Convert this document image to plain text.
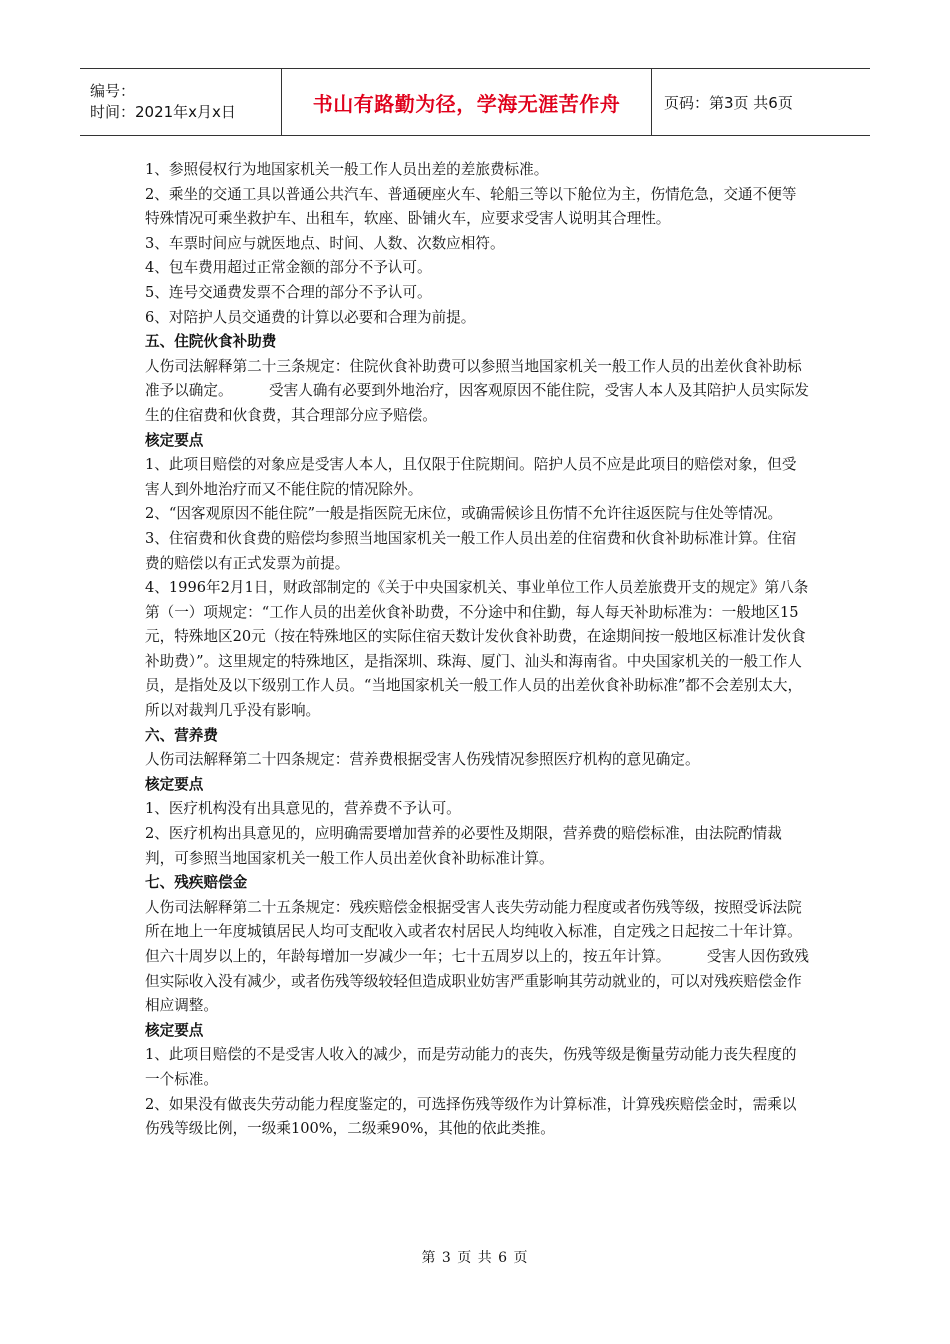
编号：
时间：2021年x月x日	书山有路勤为径，学海无涯苦作舟	页码：第3页 共6页

1、参照侵权行为地国家机关一般工作人员出差的差旅费标准。

2、乘坐的交通工具以普通公共汽车、普通硬座火车、轮船三等以下舱位为主，伤情危急，交通不便等特殊情况可乘坐救护车、出租车，软座、卧铺火车，应要求受害人说明其合理性。

3、车票时间应与就医地点、时间、人数、次数应相符。

4、包车费用超过正常金额的部分不予认可。

5、连号交通费发票不合理的部分不予认可。

6、对陪护人员交通费的计算以必要和合理为前提。

五、住院伙食补助费

人伤司法解释第二十三条规定：住院伙食补助费可以参照当地国家机关一般工作人员的出差伙食补助标准予以确定。　　　受害人确有必要到外地治疗，因客观原因不能住院，受害人本人及其陪护人员实际发生的住宿费和伙食费，其合理部分应予赔偿。

核定要点

1、此项目赔偿的对象应是受害人本人，且仅限于住院期间。陪护人员不应是此项目的赔偿对象，但受害人到外地治疗而又不能住院的情况除外。

2、“因客观原因不能住院”一般是指医院无床位，或确需候诊且伤情不允许往返医院与住处等情况。

3、住宿费和伙食费的赔偿均参照当地国家机关一般工作人员出差的住宿费和伙食补助标准计算。住宿费的赔偿以有正式发票为前提。

4、1996年2月1日，财政部制定的《关于中央国家机关、事业单位工作人员差旅费开支的规定》第八条第（一）项规定：“工作人员的出差伙食补助费，不分途中和住勤，每人每天补助标准为：一般地区15元，特殊地区20元（按在特殊地区的实际住宿天数计发伙食补助费，在途期间按一般地区标准计发伙食补助费）”。这里规定的特殊地区，是指深圳、珠海、厦门、汕头和海南省。中央国家机关的一般工作人员，是指处及以下级别工作人员。“当地国家机关一般工作人员的出差伙食补助标准”都不会差别太大，所以对裁判几乎没有影响。

六、营养费

人伤司法解释第二十四条规定：营养费根据受害人伤残情况参照医疗机构的意见确定。

核定要点

1、医疗机构没有出具意见的，营养费不予认可。

2、医疗机构出具意见的，应明确需要增加营养的必要性及期限，营养费的赔偿标准，由法院酌情裁判，可参照当地国家机关一般工作人员出差伙食补助标准计算。

七、残疾赔偿金

人伤司法解释第二十五条规定：残疾赔偿金根据受害人丧失劳动能力程度或者伤残等级，按照受诉法院所在地上一年度城镇居民人均可支配收入或者农村居民人均纯收入标准，自定残之日起按二十年计算。但六十周岁以上的，年龄每增加一岁减少一年；七十五周岁以上的，按五年计算。　　　受害人因伤致残但实际收入没有减少，或者伤残等级较轻但造成职业妨害严重影响其劳动就业的，可以对残疾赔偿金作相应调整。

核定要点

1、此项目赔偿的不是受害人收入的减少，而是劳动能力的丧失，伤残等级是衡量劳动能力丧失程度的一个标准。

2、如果没有做丧失劳动能力程度鉴定的，可选择伤残等级作为计算标准，计算残疾赔偿金时，需乘以伤残等级比例，一级乘100%，二级乘90%，其他的依此类推。

第 3 页 共 6 页
